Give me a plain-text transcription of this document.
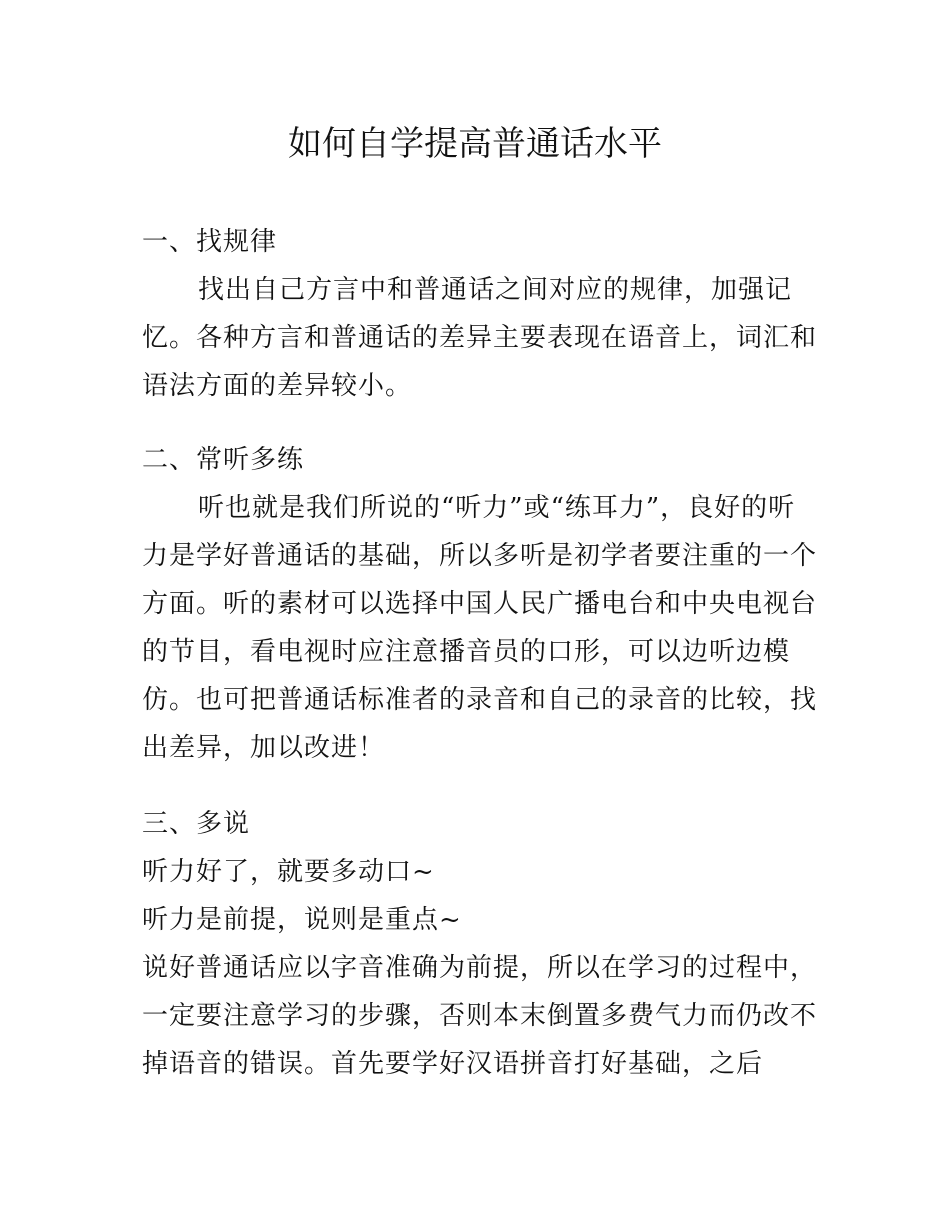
如何自学提高普通话水平
一、找规律

找出自己方言中和普通话之间对应的规律，加强记忆。各种方言和普通话的差异主要表现在语音上，词汇和语法方面的差异较小。

二、常听多练

听也就是我们所说的“听力”或“练耳力”，良好的听力是学好普通话的基础，所以多听是初学者要注重的一个方面。听的素材可以选择中国人民广播电台和中央电视台的节目，看电视时应注意播音员的口形，可以边听边模仿。也可把普通话标准者的录音和自己的录音的比较，找出差异，加以改进！

三、多说

听力好了，就要多动口~

听力是前提，说则是重点~

说好普通话应以字音准确为前提，所以在学习的过程中，一定要注意学习的步骤，否则本末倒置多费气力而仍改不掉语音的错误。首先要学好汉语拼音打好基础，之后
